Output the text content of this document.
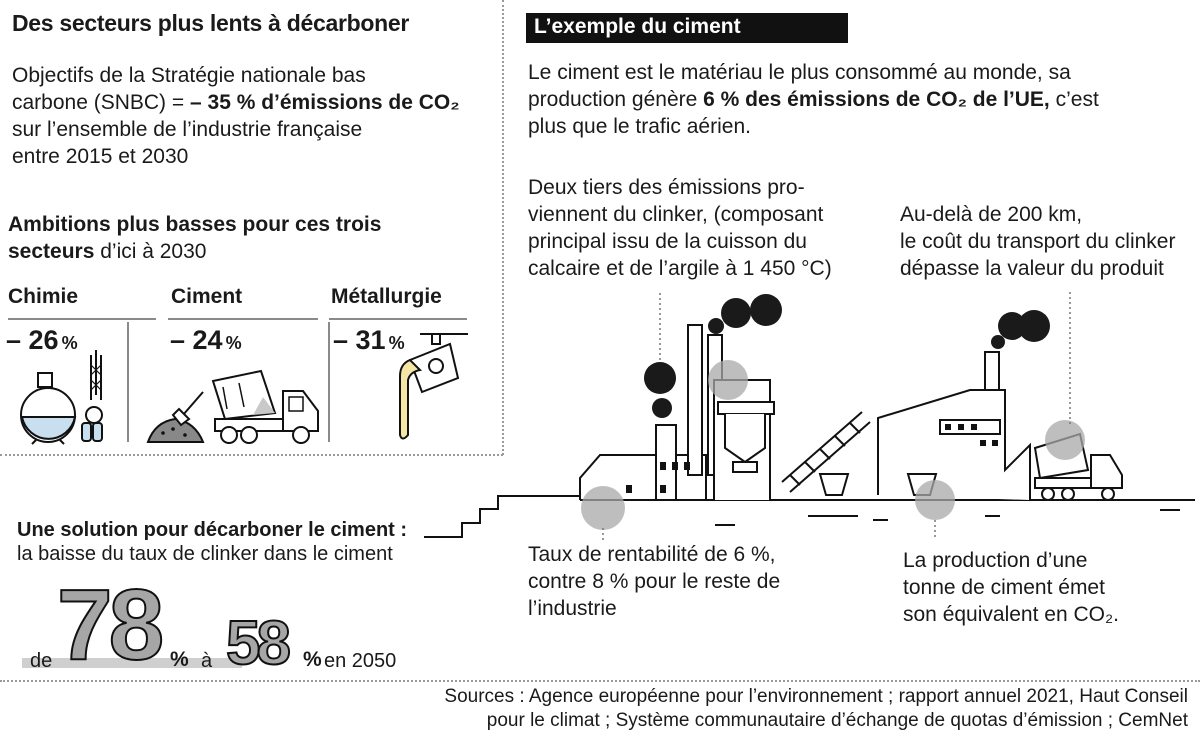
Des secteurs plus lents à décarboner
Objectifs de la Stratégie nationale bas
carbone (SNBC) = – 35 % d’émissions de CO₂
sur l’ensemble de l’industrie française
entre 2015 et 2030
Ambitions plus basses pour ces trois
secteurs d’ici à 2030
Chimie	Ciment	Métallurgie
– 26 %	– 24 %	– 31 %
Une solution pour décarboner le ciment :
la baisse du taux de clinker dans le ciment
de 78 % à 58 % en 2050
L’exemple du ciment
Le ciment est le matériau le plus consommé au monde, sa
production génère 6 % des émissions de CO₂ de l’UE, c’est
plus que le trafic aérien.
Deux tiers des émissions pro-
viennent du clinker, (composant
principal issu de la cuisson du
calcaire et de l’argile à 1 450 °C)
Au-delà de 200 km,
le coût du transport du clinker
dépasse la valeur du produit
Taux de rentabilité de 6 %,
contre 8 % pour le reste de
l’industrie
La production d’une
tonne de ciment émet
son équivalent en CO₂.
Sources : Agence européenne pour l’environnement ; rapport annuel 2021, Haut Conseil
pour le climat ; Système communautaire d’échange de quotas d’émission ; CemNet
